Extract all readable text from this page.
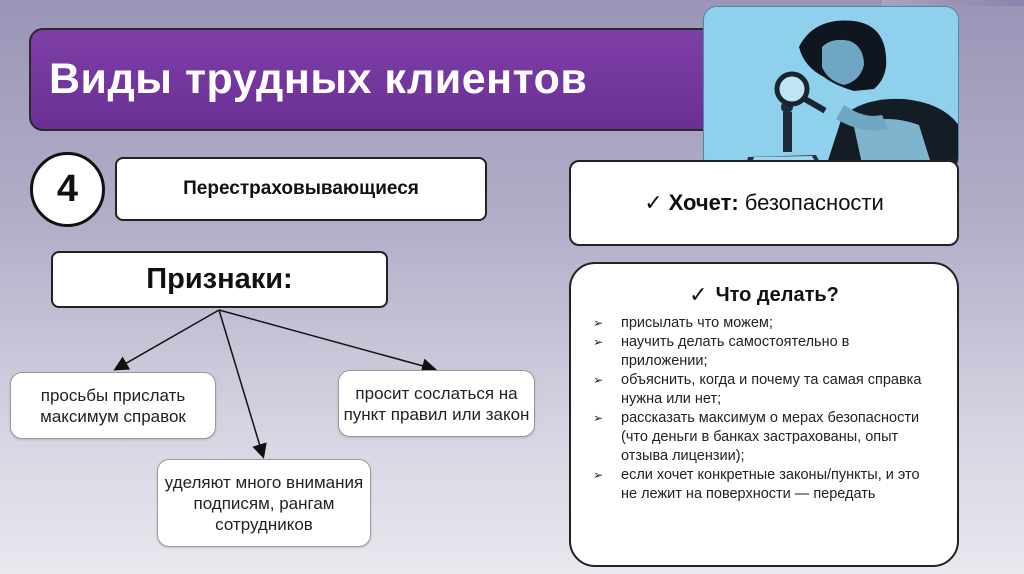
Виды трудных клиентов
4	Перестраховывающиеся
Признаки:
просьбы прислать максимум справок
просит сослаться на пункт правил или закон
уделяют много внимания подписям, рангам сотрудников
✓ Хочет: безопасности
✓ Что делать?
➢ присылать что можем;
➢ научить делать самостоятельно в приложении;
➢ объяснить, когда и почему та самая справка нужна или нет;
➢ рассказать максимум о мерах безопасности (что деньги в банках застрахованы, опыт отзыва лицензии);
➢ если хочет конкретные законы/пункты, и это не лежит на поверхности — передать
